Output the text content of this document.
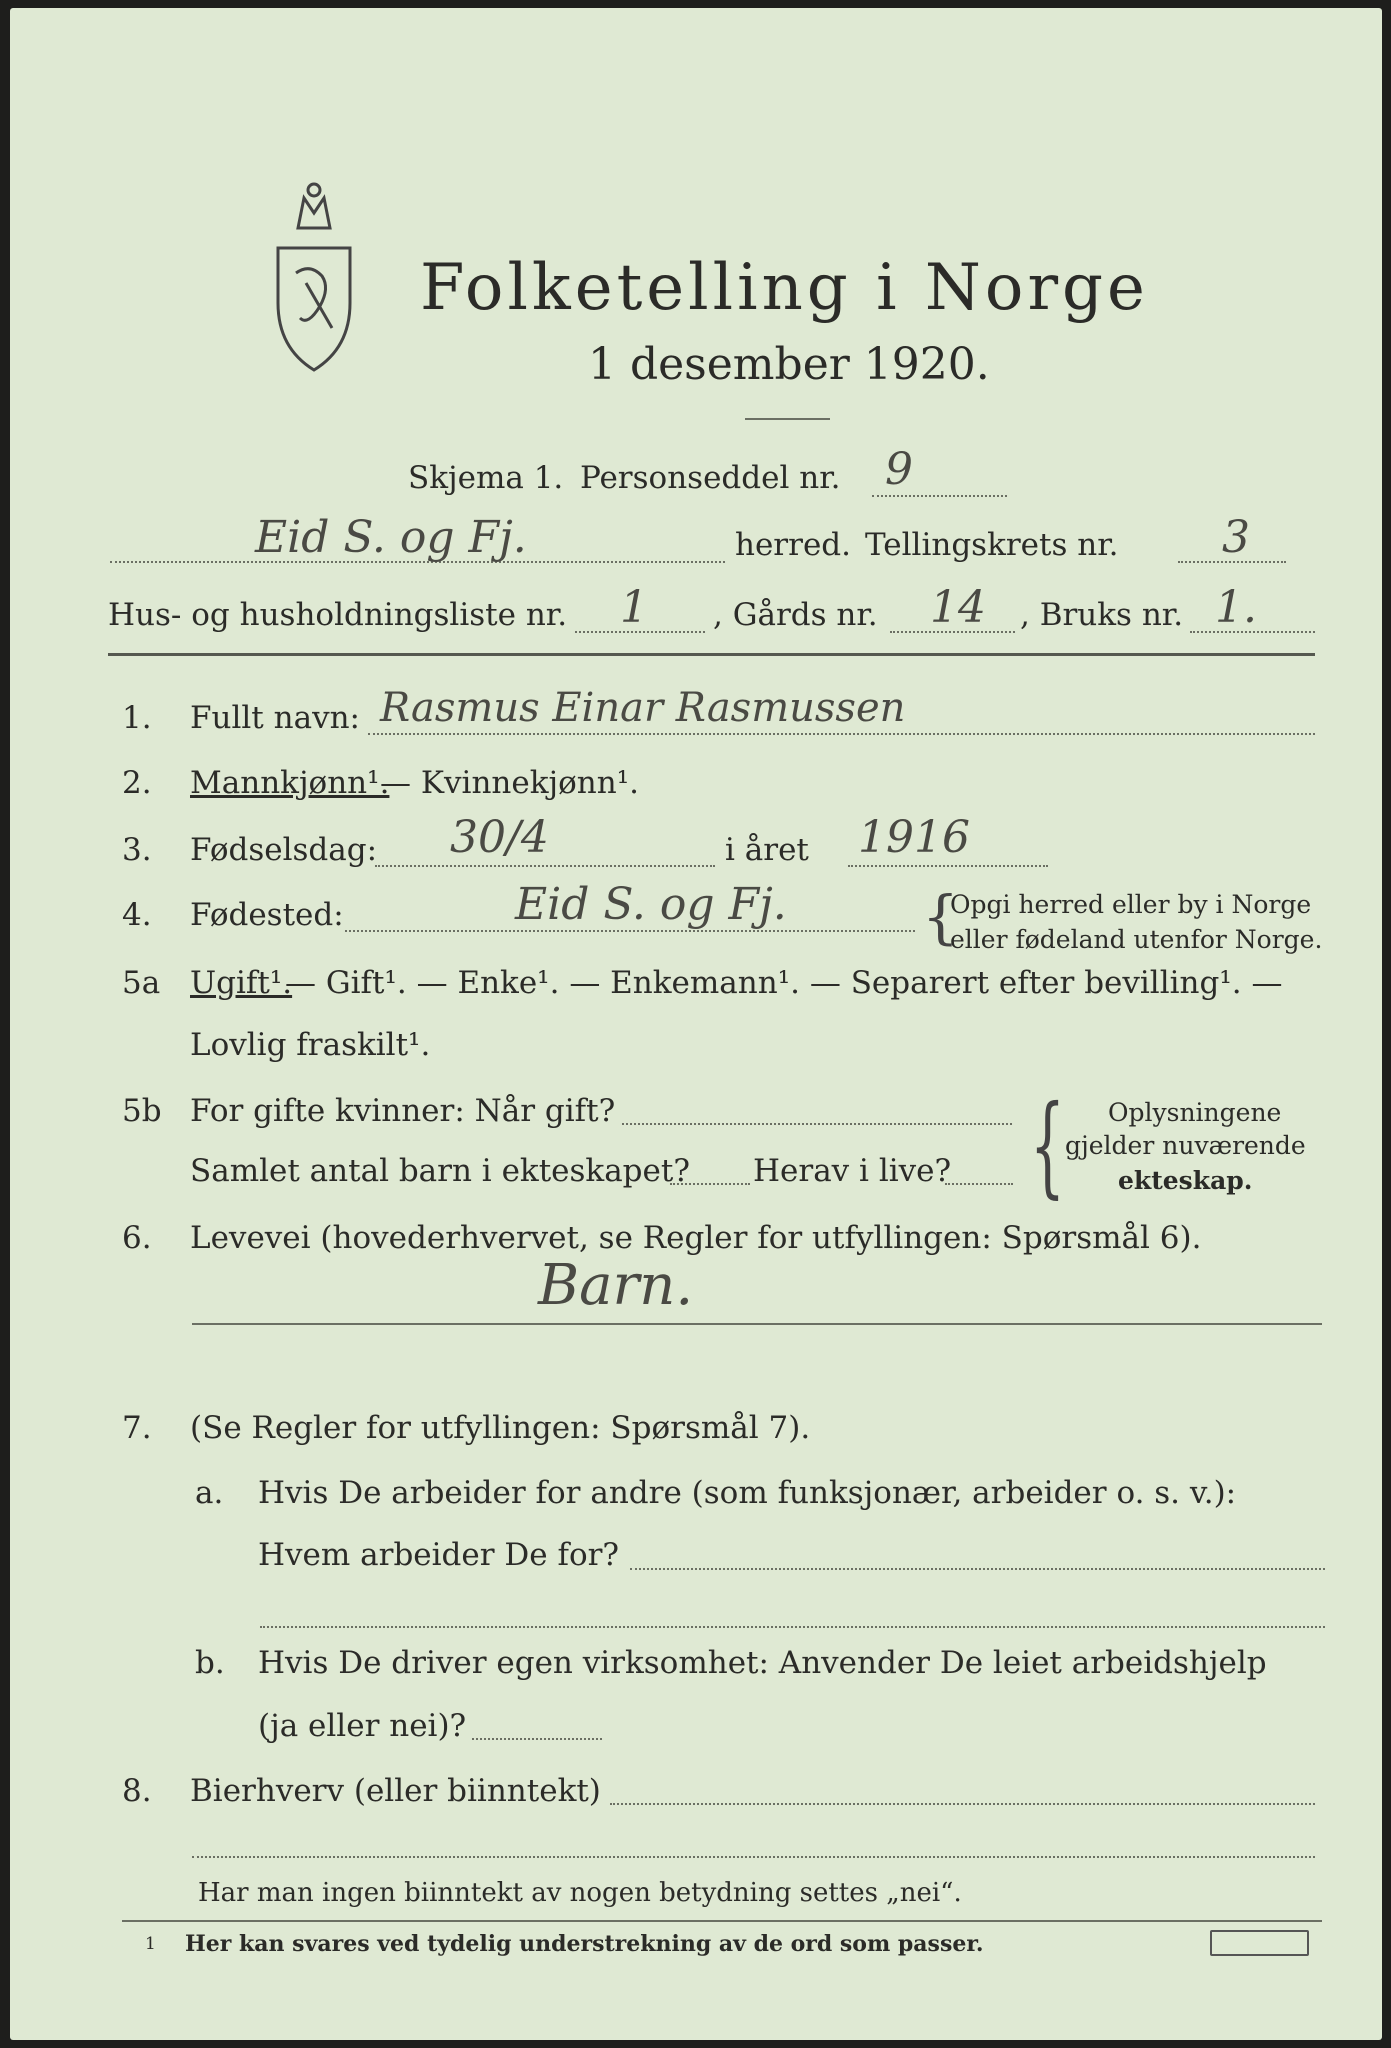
Folketelling i Norge
1 desember 1920.
Skjema 1. Personseddel nr. 9
Eid S. og Fj.	herred. Tellingskrets nr. 3
Hus- og husholdningsliste nr. 1 , Gårds nr. 14 , Bruks nr. 1.
1. Fullt navn: Rasmus Einar Rasmussen
2. Mannkjønn¹.
— Kvinnekjønn¹.
3. Fødselsdag: 30/4	i året 1916
4. Fødested:	Eid S. og Fj. {
Opgi herred eller by i Norge
eller fødeland utenfor Norge.
5a Ugift¹.
— Gift¹. — Enke¹. — Enkemann¹. — Separert efter bevilling¹. —
Lovlig fraskilt¹.
5b For gifte kvinner: Når gift?
Samlet antal barn i ekteskapet? Herav i live? { Oplysningene
gjelder nuværende
ekteskap.
6. Levevei (hovederhvervet, se Regler for utfyllingen: Spørsmål 6).
Barn.
7. (Se Regler for utfyllingen: Spørsmål 7).
a. Hvis De arbeider for andre (som funksjonær, arbeider o. s. v.):
Hvem arbeider De for?
b. Hvis De driver egen virksomhet: Anvender De leiet arbeidshjelp
(ja eller nei)?
8. Bierhverv (eller biinntekt)
Har man ingen biinntekt av nogen betydning settes „nei“.
1 Her kan svares ved tydelig understrekning av de ord som passer.
